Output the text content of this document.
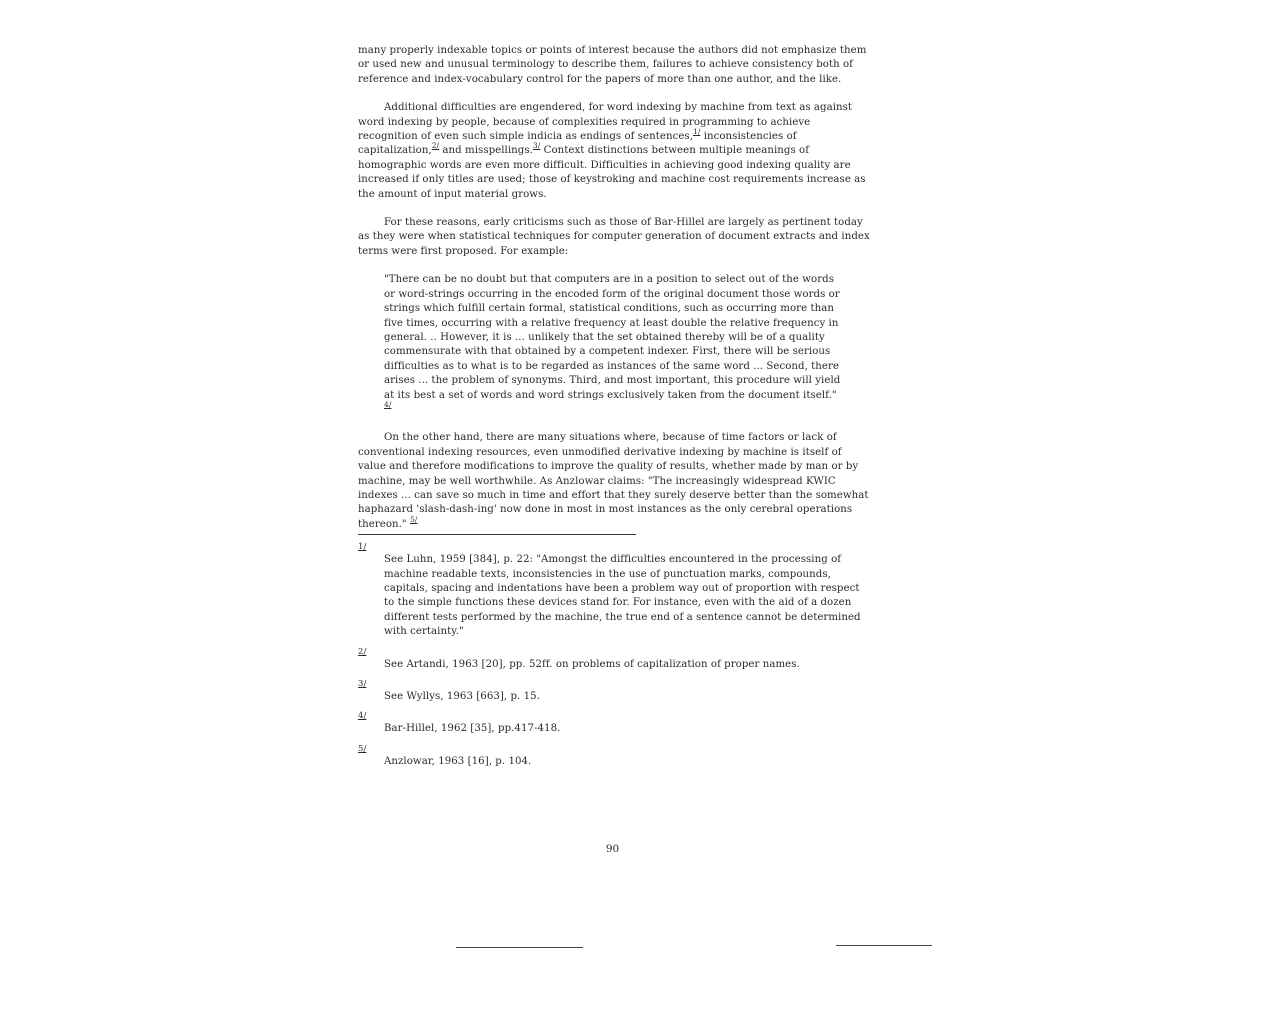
many properly indexable topics or points of interest because the authors did not emphasize them or used new and unusual terminology to describe them, failures to achieve consistency both of reference and index-vocabulary control for the papers of more than one author, and the like.

Additional difficulties are engendered, for word indexing by machine from text as against word indexing by people, because of complexities required in programming to achieve recognition of even such simple indicia as endings of sentences,$^{1/}$ inconsistencies of capitalization,$^{2/}$ and misspellings.$^{3/}$ Context distinctions between multiple meanings of homographic words are even more difficult. Difficulties in achieving good indexing quality are increased if only titles are used; those of keystroking and machine cost requirements increase as the amount of input material grows.

For these reasons, early criticisms such as those of Bar-Hillel are largely as pertinent today as they were when statistical techniques for computer generation of document extracts and index terms were first proposed. For example:

"There can be no doubt but that computers are in a position to select out of the words or word-strings occurring in the encoded form of the original document those words or strings which fulfill certain formal, statistical conditions, such as occurring more than five times, occurring with a relative frequency at least double the relative frequency in general. .. However, it is ... unlikely that the set obtained thereby will be of a quality commensurate with that obtained by a competent indexer. First, there will be serious difficulties as to what is to be regarded as instances of the same word ... Second, there arises ... the problem of synonyms. Third, and most important, this procedure will yield at its best a set of words and word strings exclusively taken from the document itself." $^{4/}$

On the other hand, there are many situations where, because of time factors or lack of conventional indexing resources, even unmodified derivative indexing by machine is itself of value and therefore modifications to improve the quality of results, whether made by man or by machine, may be well worthwhile. As Anzlowar claims: "The increasingly widespread KWIC indexes ... can save so much in time and effort that they surely deserve better than the somewhat haphazard 'slash-dash-ing' now done in most in most instances as the only cerebral operations thereon." $^{5/}$

1/
See Luhn, 1959 [384], p. 22: "Amongst the difficulties encountered in the processing of machine readable texts, inconsistencies in the use of punctuation marks, compounds, capitals, spacing and indentations have been a problem way out of proportion with respect to the simple functions these devices stand for. For instance, even with the aid of a dozen different tests performed by the machine, the true end of a sentence cannot be determined with certainty."
2/
See Artandi, 1963 [20], pp. 52ff. on problems of capitalization of proper names.
3/
See Wyllys, 1963 [663], p. 15.
4/
Bar-Hillel, 1962 [35], pp.417-418.
5/
Anzlowar, 1963 [16], p. 104.
90
